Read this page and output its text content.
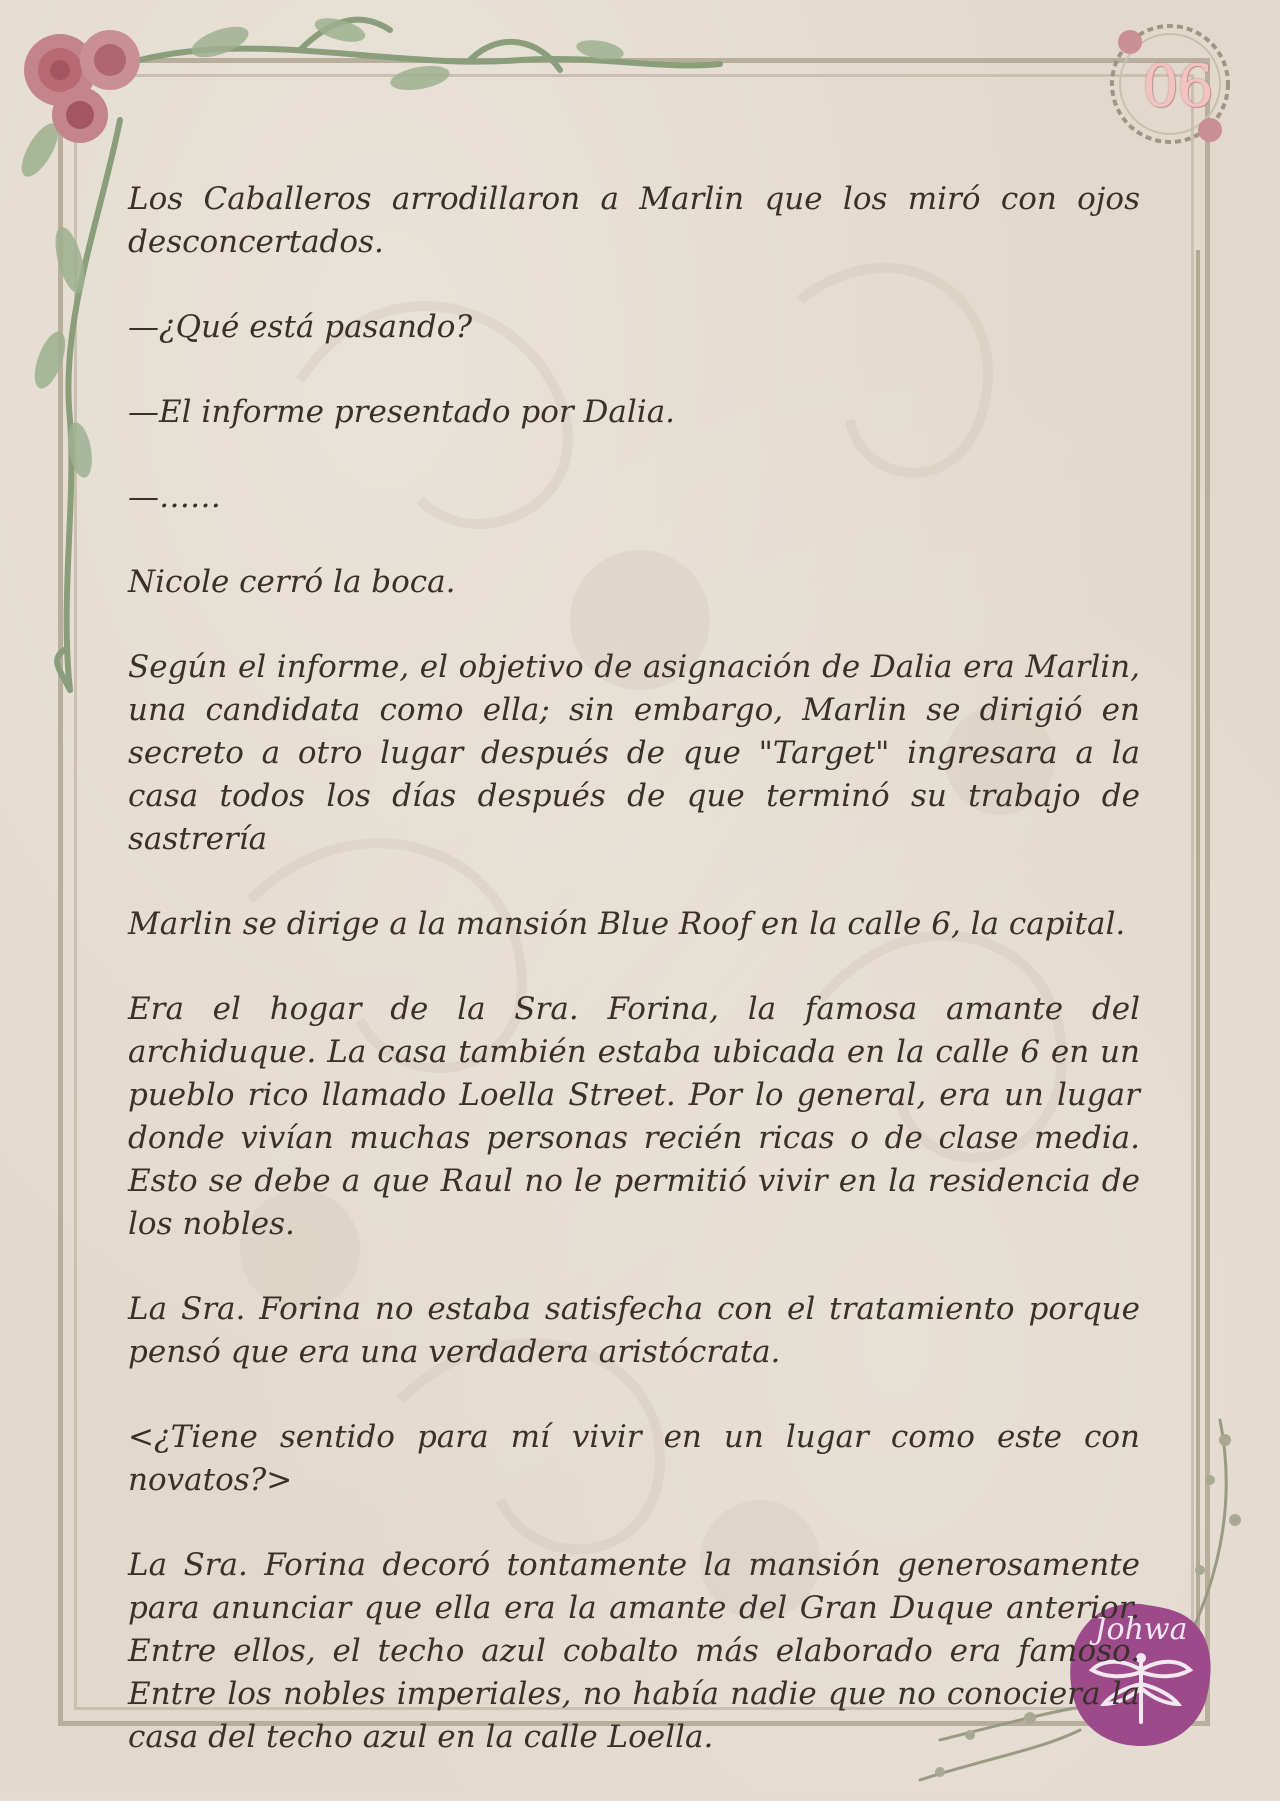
06
Johwa

Los Caballeros arrodillaron a Marlin que los miró con ojos desconcertados.

—¿Qué está pasando?

—El informe presentado por Dalia.

—……

Nicole cerró la boca.

Según el informe, el objetivo de asignación de Dalia era Marlin, una candidata como ella; sin embargo, Marlin se dirigió en secreto a otro lugar después de que "Target" ingresara a la casa todos los días después de que terminó su trabajo de sastrería

Marlin se dirige a la mansión Blue Roof en la calle 6, la capital.

Era el hogar de la Sra. Forina, la famosa amante del archiduque. La casa también estaba ubicada en la calle 6 en un pueblo rico llamado Loella Street. Por lo general, era un lugar donde vivían muchas personas recién ricas o de clase media. Esto se debe a que Raul no le permitió vivir en la residencia de los nobles.

La Sra. Forina no estaba satisfecha con el tratamiento porque pensó que era una verdadera aristócrata.

<¿Tiene sentido para mí vivir en un lugar como este con novatos?>

La Sra. Forina decoró tontamente la mansión generosamente para anunciar que ella era la amante del Gran Duque anterior. Entre ellos, el techo azul cobalto más elaborado era famoso. Entre los nobles imperiales, no había nadie que no conociera la casa del techo azul en la calle Loella.
